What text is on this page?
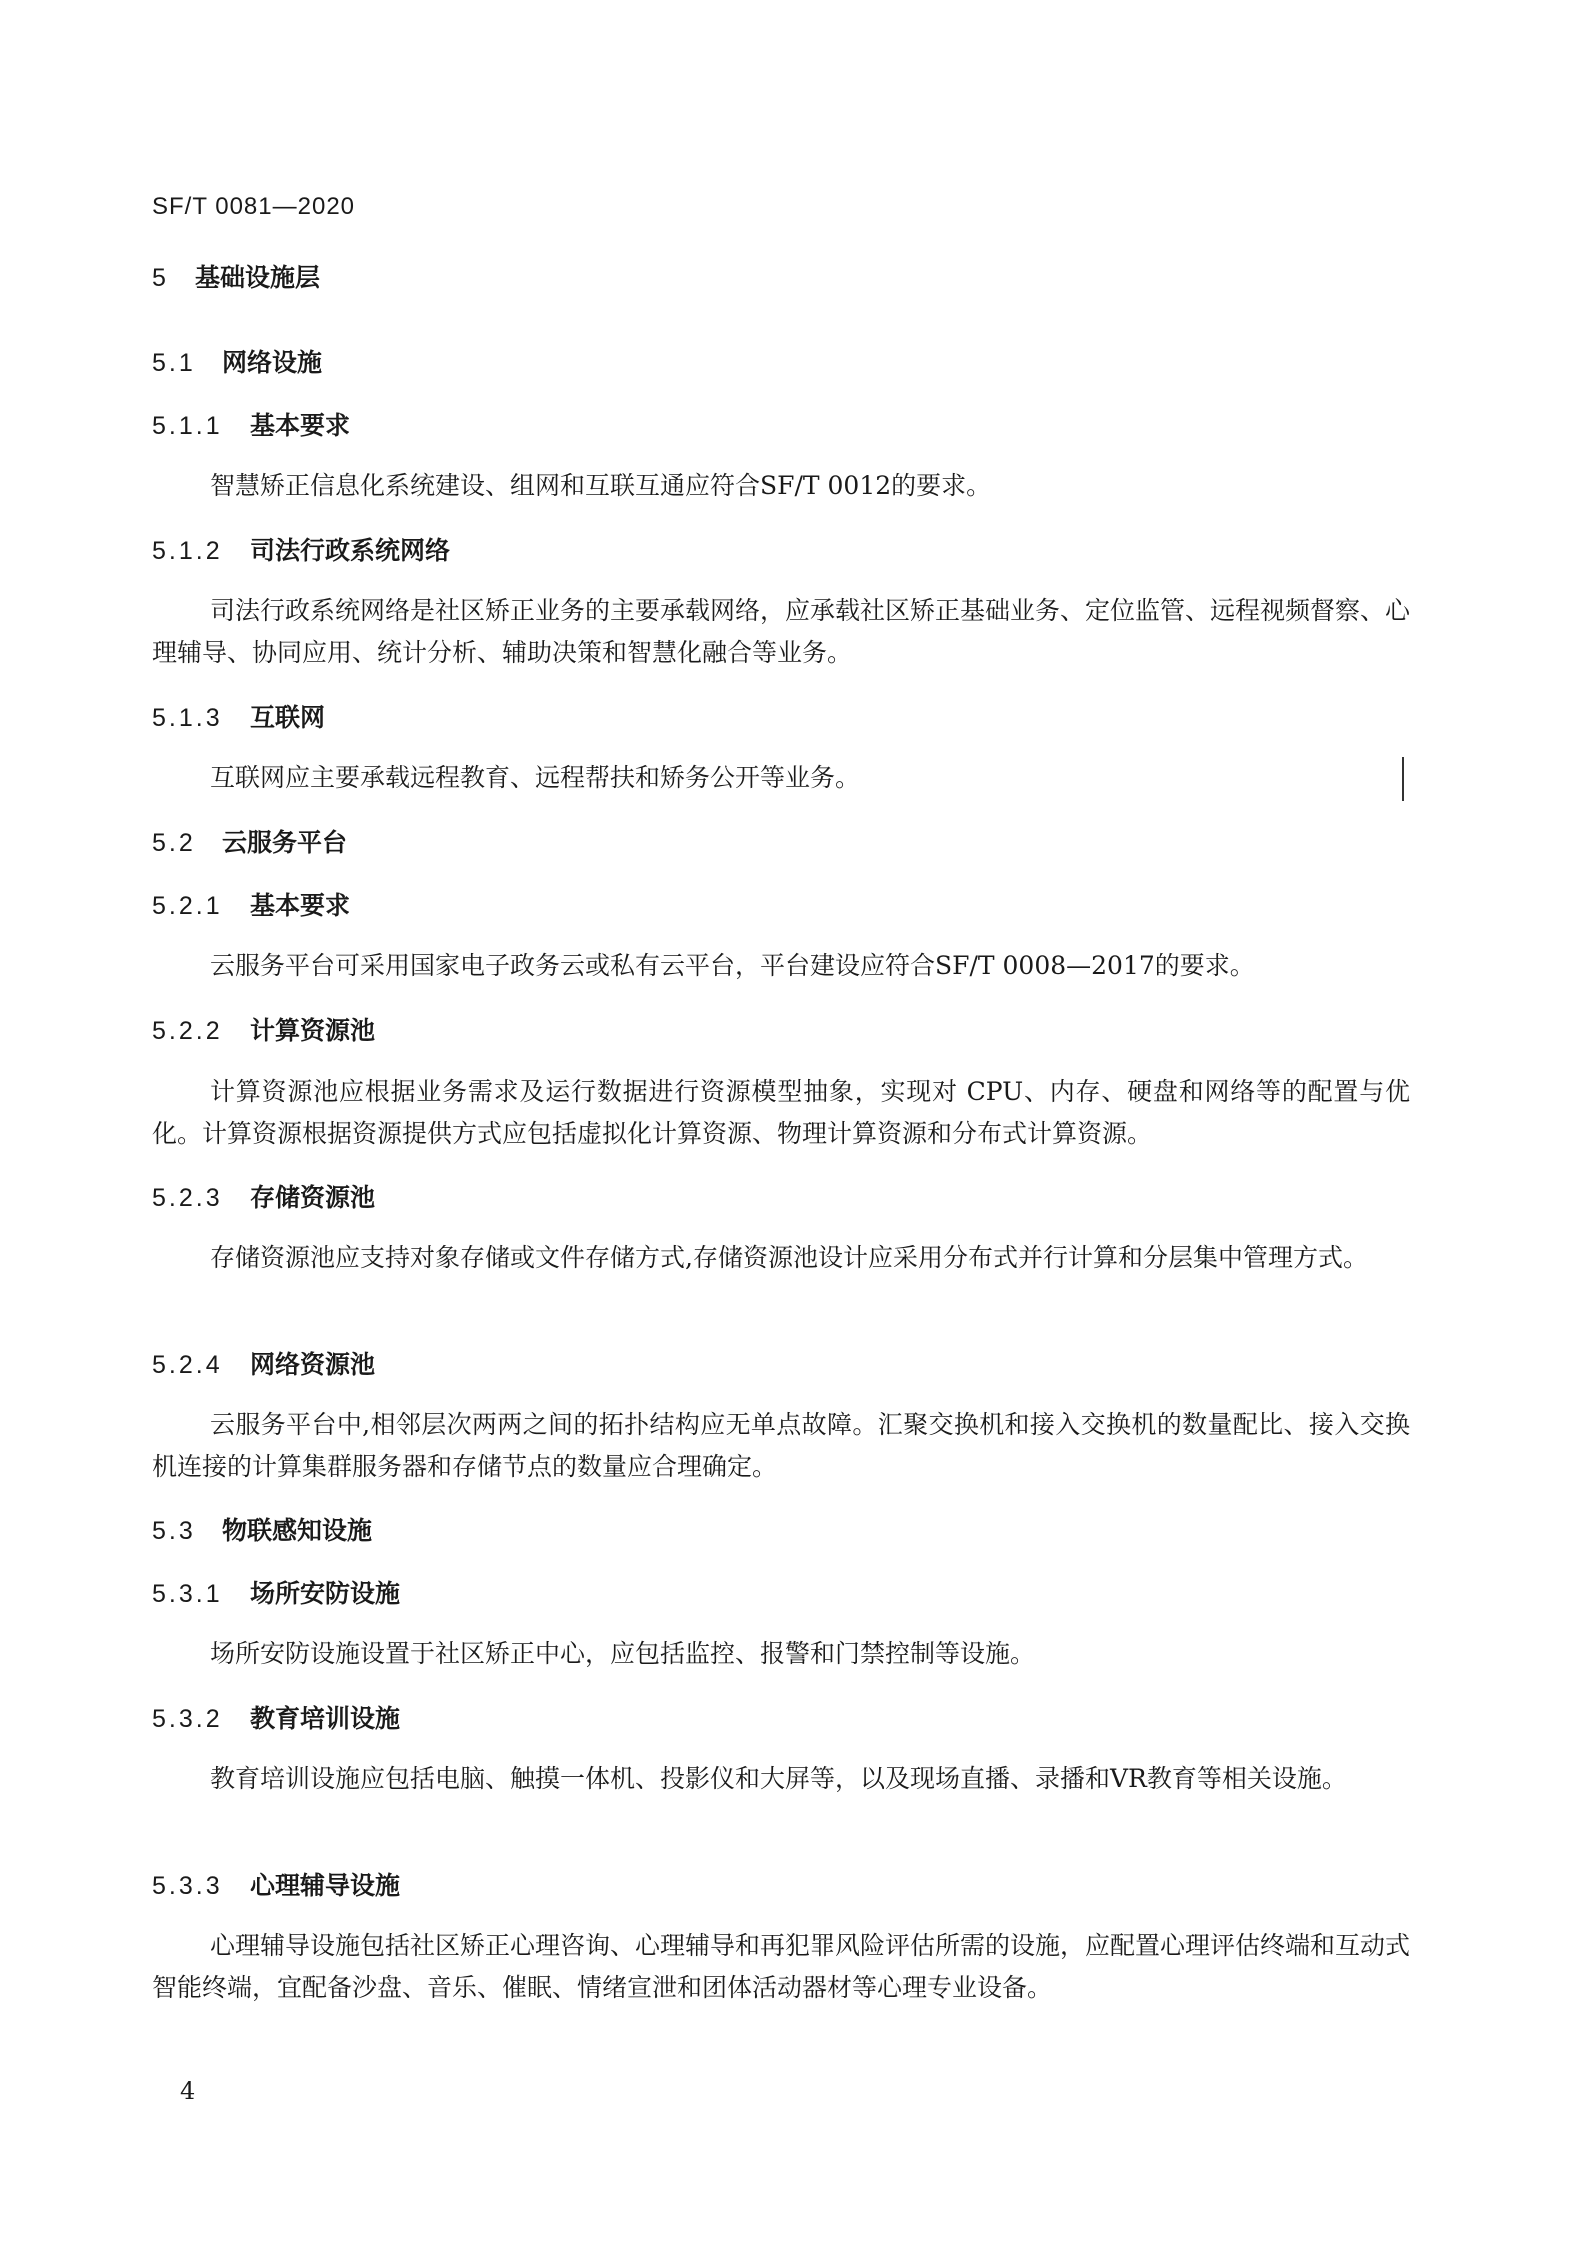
SF/T 0081—2020
5 基础设施层
5.1 网络设施
5.1.1 基本要求

智慧矫正信息化系统建设、组网和互联互通应符合SF/T 0012的要求。

5.1.2 司法行政系统网络

司法行政系统网络是社区矫正业务的主要承载网络，应承载社区矫正基础业务、定位监管、远程视频督察、心理辅导、协同应用、统计分析、辅助决策和智慧化融合等业务。

5.1.3 互联网

互联网应主要承载远程教育、远程帮扶和矫务公开等业务。

5.2 云服务平台
5.2.1 基本要求

云服务平台可采用国家电子政务云或私有云平台，平台建设应符合SF/T 0008—2017的要求。

5.2.2 计算资源池

计算资源池应根据业务需求及运行数据进行资源模型抽象，实现对 CPU、内存、硬盘和网络等的配置与优化。计算资源根据资源提供方式应包括虚拟化计算资源、物理计算资源和分布式计算资源。

5.2.3 存储资源池

存储资源池应支持对象存储或文件存储方式,存储资源池设计应采用分布式并行计算和分层集中管理方式。

5.2.4 网络资源池

云服务平台中,相邻层次两两之间的拓扑结构应无单点故障。汇聚交换机和接入交换机的数量配比、接入交换机连接的计算集群服务器和存储节点的数量应合理确定。

5.3 物联感知设施
5.3.1 场所安防设施

场所安防设施设置于社区矫正中心，应包括监控、报警和门禁控制等设施。

5.3.2 教育培训设施

教育培训设施应包括电脑、触摸一体机、投影仪和大屏等，以及现场直播、录播和VR教育等相关设施。

5.3.3 心理辅导设施

心理辅导设施包括社区矫正心理咨询、心理辅导和再犯罪风险评估所需的设施，应配置心理评估终端和互动式智能终端，宜配备沙盘、音乐、催眠、情绪宣泄和团体活动器材等心理专业设备。

4
